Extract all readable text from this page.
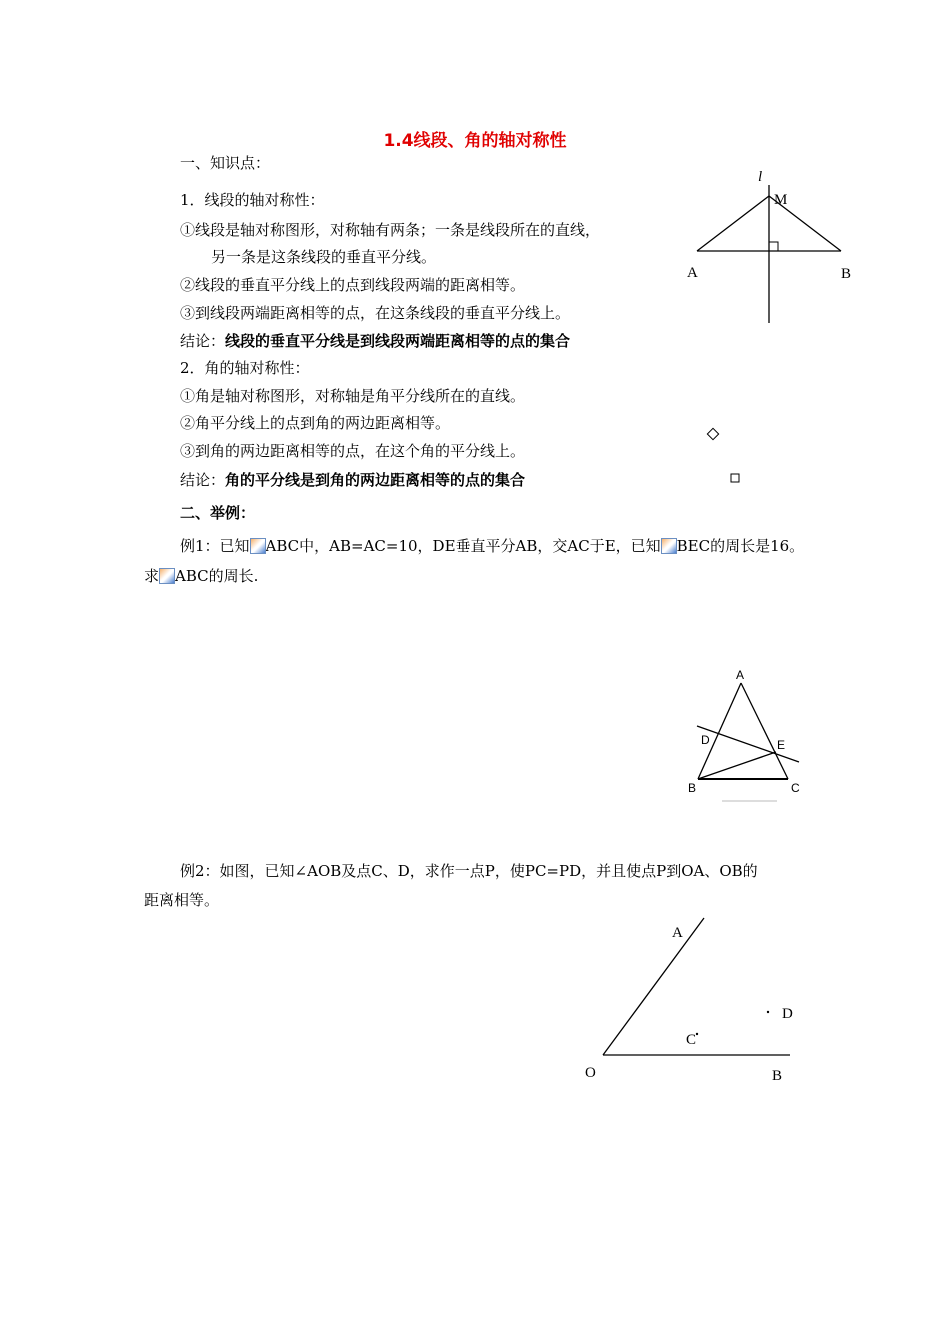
1.4线段、角的轴对称性
一、知识点：
1．线段的轴对称性：
①线段是轴对称图形，对称轴有两条；一条是线段所在的直线，
另一条是这条线段的垂直平分线。
②线段的垂直平分线上的点到线段两端的距离相等。
③到线段两端距离相等的点，在这条线段的垂直平分线上。
结论：线段的垂直平分线是到线段两端距离相等的点的集合
2．角的轴对称性：
①角是轴对称图形，对称轴是角平分线所在的直线。
②角平分线上的点到角的两边距离相等。
③到角的两边距离相等的点，在这个角的平分线上。
结论：角的平分线是到角的两边距离相等的点的集合
二、举例：
例1：已知 ABC中，AB=AC=10，DE垂直平分AB，交AC于E，已知 BEC的周长是16。
求 ABC的周长.
例2：如图，已知∠AOB及点C、D，求作一点P，使PC=PD，并且使点P到OA、OB的
距离相等。
l
M
A	B
A
D	E
B	C
A
D
C
O	B
